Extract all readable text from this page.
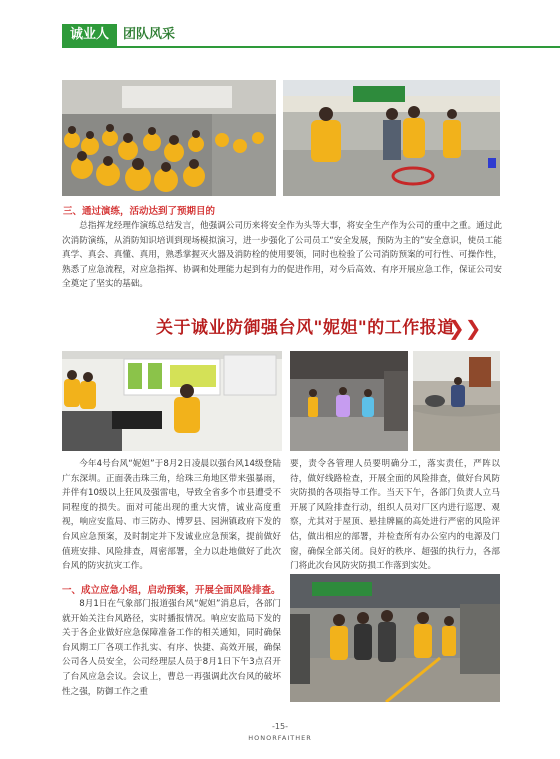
诚业人	团队风采
三、通过演练，活动达到了预期目的
总指挥龙经理作演练总结发言，他强调公司历来将安全作为头等大事，将安全生产作为公司的重中之重。通过此次消防演练，从消防知识培训到现场模拟演习，进一步强化了公司员工“安全发展，预防为主的”安全意识，使员工能真学、真会、真懂、真用，熟悉掌握灭火器及消防栓的使用要领，同时也检验了公司消防预案的可行性、可操作性，熟悉了应急流程，对应急指挥、协调和处理能力起到有力的促进作用，对今后高效、有序开展应急工作，保证公司安全奠定了坚实的基础。
关于诚业防御强台风"妮妲"的工作报道
❯❯
今年4号台风“妮妲”于8月2日凌晨以强台风14级登陆广东深圳。正面袭击珠三角，给珠三角地区带来强暴雨，并伴有10级以上狂风及强雷电，导致全省多个市县遭受不同程度的损失。面对可能出现的重大灾情，诚业高度重视，响应安监局、市三防办、博罗县、园洲镇政府下发的台风应急预案，及时制定并下发诚业应急预案，提前做好值班安排、风险排查，周密部署，全力以赴地做好了此次台风的防灾抗灾工作。
一、成立应急小组，启动预案，开展全面风险排查。
8月1日在气象部门报道强台风“妮妲”消息后，各部门就开始关注台风路径，实时播报情况。响应安监局下发的关于各企业做好应急保障准备工作的相关通知，同时确保台风期工厂各项工作扎实、有序、快捷、高效开展，确保公司各人员安全，公司经理层人员于8月1日下午3点召开了台风应急会议。会议上，曹总一再强调此次台风的破坏性之强，防御工作之重
要，责令各管理人员要明确分工，落实责任，严阵以待，做好线路检查，开展全面的风险排查，做好台风防灾防损的各项指导工作。当天下午，各部门负责人立马开展了风险排查行动，组织人员对厂区内进行巡逻、观察，尤其对于屋顶、悬挂牌匾的高处进行严密的风险评估，做出相应的部署，并检查所有办公室内的电源及门窗，确保全部关闭。良好的秩序、超强的执行力，各部门将此次台风防灾防损工作落到实处。
-15-
HONORFAITHER
